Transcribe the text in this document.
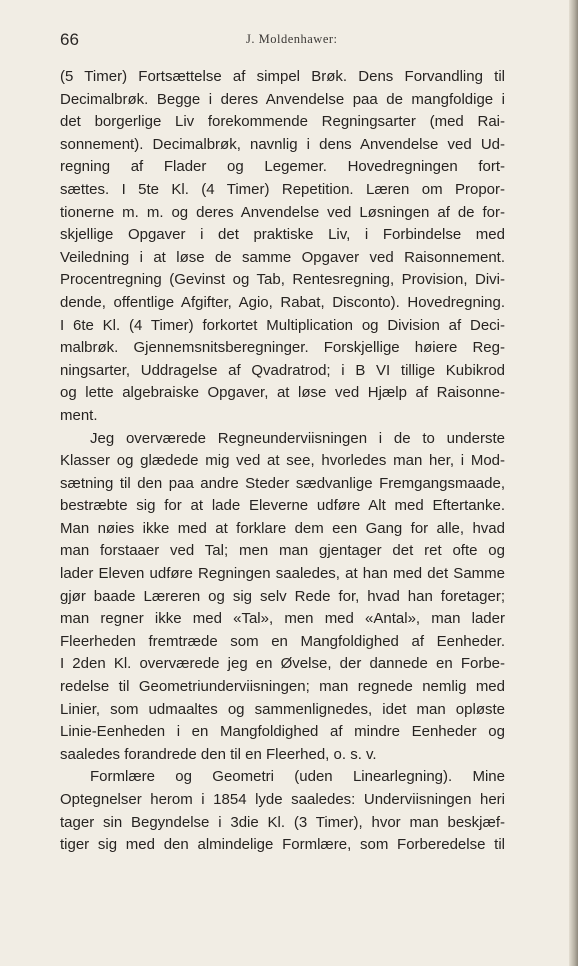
66	J. Moldenhawer:
(5 Timer) Fortsættelse af simpel Brøk. Dens Forvandling til
Decimalbrøk. Begge i deres Anvendelse paa de mangfoldige i
det borgerlige Liv forekommende Regningsarter (med Rai-
sonnement). Decimalbrøk, navnlig i dens Anvendelse ved Ud-
regning af Flader og Legemer. Hovedregningen fort-
sættes. I 5te Kl. (4 Timer) Repetition. Læren om Propor-
tionerne m. m. og deres Anvendelse ved Løsningen af de for-
skjellige Opgaver i det praktiske Liv, i Forbindelse med
Veiledning i at løse de samme Opgaver ved Raisonnement.
Procentregning (Gevinst og Tab, Rentesregning, Provision, Divi-
dende, offentlige Afgifter, Agio, Rabat, Disconto). Hovedregning.
I 6te Kl. (4 Timer) forkortet Multiplication og Division af Deci-
malbrøk. Gjennemsnitsberegninger. Forskjellige høiere Reg-
ningsarter, Uddragelse af Qvadratrod; i B VI tillige Kubikrod
og lette algebraiske Opgaver, at løse ved Hjælp af Raisonne-
ment.
Jeg overværede Regneunderviisningen i de to underste
Klasser og glædede mig ved at see, hvorledes man her, i Mod-
sætning til den paa andre Steder sædvanlige Fremgangsmaade,
bestræbte sig for at lade Eleverne udføre Alt med Eftertanke.
Man nøies ikke med at forklare dem een Gang for alle, hvad
man forstaaer ved Tal; men man gjentager det ret ofte og
lader Eleven udføre Regningen saaledes, at han med det Samme
gjør baade Læreren og sig selv Rede for, hvad han foretager;
man regner ikke med «Tal», men med «Antal», man lader
Fleerheden fremtræde som en Mangfoldighed af Eenheder.
I 2den Kl. overværede jeg en Øvelse, der dannede en Forbe-
redelse til Geometriunderviisningen; man regnede nemlig med
Linier, som udmaaltes og sammenlignedes, idet man opløste
Linie-Eenheden i en Mangfoldighed af mindre Eenheder og
saaledes forandrede den til en Fleerhed, o. s. v.
Formlære og Geometri (uden Linearlegning). Mine
Optegnelser herom i 1854 lyde saaledes: Underviisningen heri
tager sin Begyndelse i 3die Kl. (3 Timer), hvor man beskjæf-
tiger sig med den almindelige Formlære, som Forberedelse til
